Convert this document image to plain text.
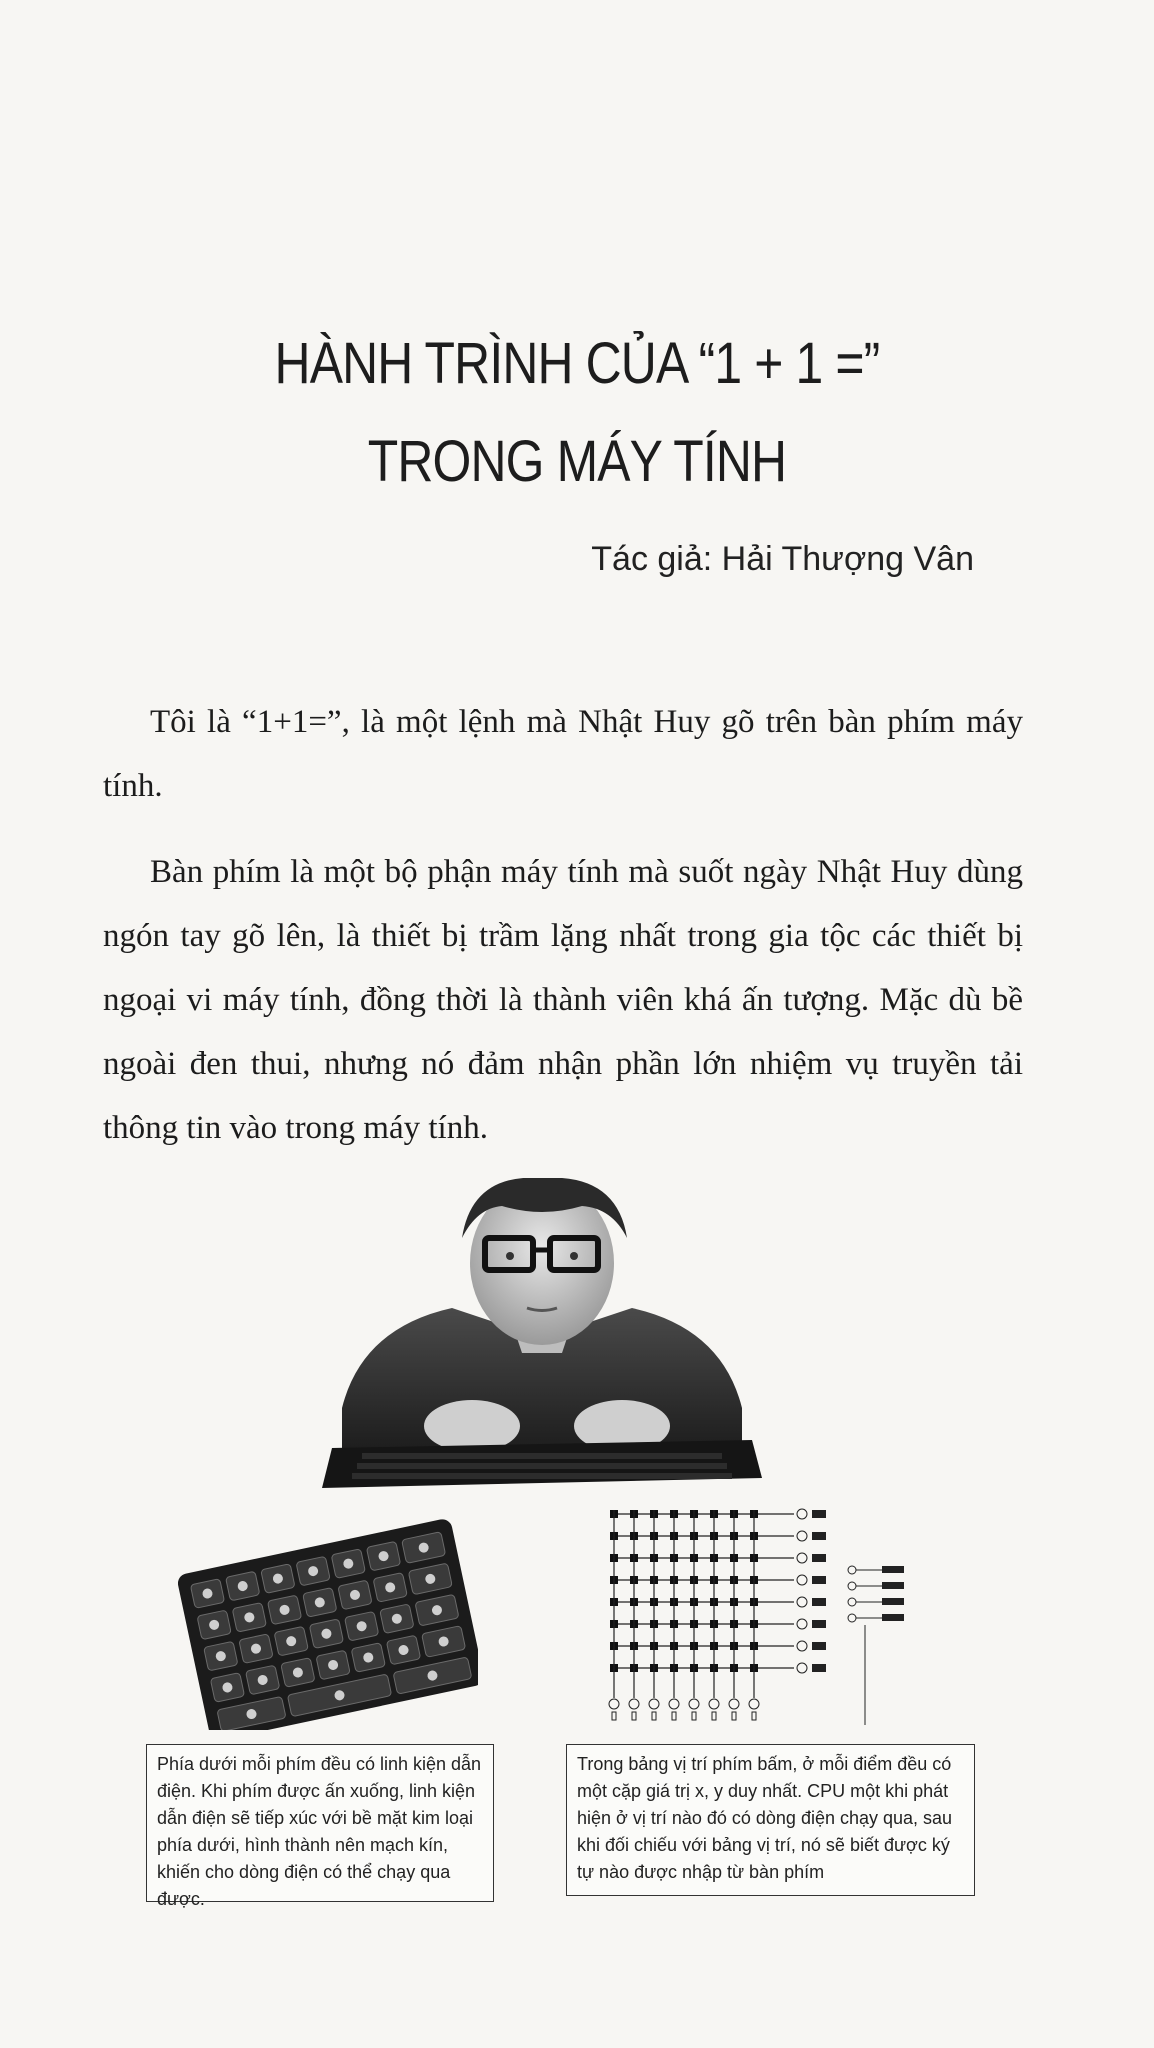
HÀNH TRÌNH CỦA “1 + 1 =”
TRONG MÁY TÍNH
Tác giả: Hải Thượng Vân

Tôi là “1+1=”, là một lệnh mà Nhật Huy gõ trên bàn phím máy tính.

Bàn phím là một bộ phận máy tính mà suốt ngày Nhật Huy dùng ngón tay gõ lên, là thiết bị trầm lặng nhất trong gia tộc các thiết bị ngoại vi máy tính, đồng thời là thành viên khá ấn tượng. Mặc dù bề ngoài đen thui, nhưng nó đảm nhận phần lớn nhiệm vụ truyền tải thông tin vào trong máy tính.

Phía dưới mỗi phím đều có linh kiện dẫn điện. Khi phím được ấn xuống, linh kiện dẫn điện sẽ tiếp xúc với bề mặt kim loại phía dưới, hình thành nên mạch kín, khiến cho dòng điện có thể chạy qua được.
Trong bảng vị trí phím bấm, ở mỗi điểm đều có một cặp giá trị x, y duy nhất. CPU một khi phát hiện ở vị trí nào đó có dòng điện chạy qua, sau khi đối chiếu với bảng vị trí, nó sẽ biết được ký tự nào được nhập từ bàn phím
